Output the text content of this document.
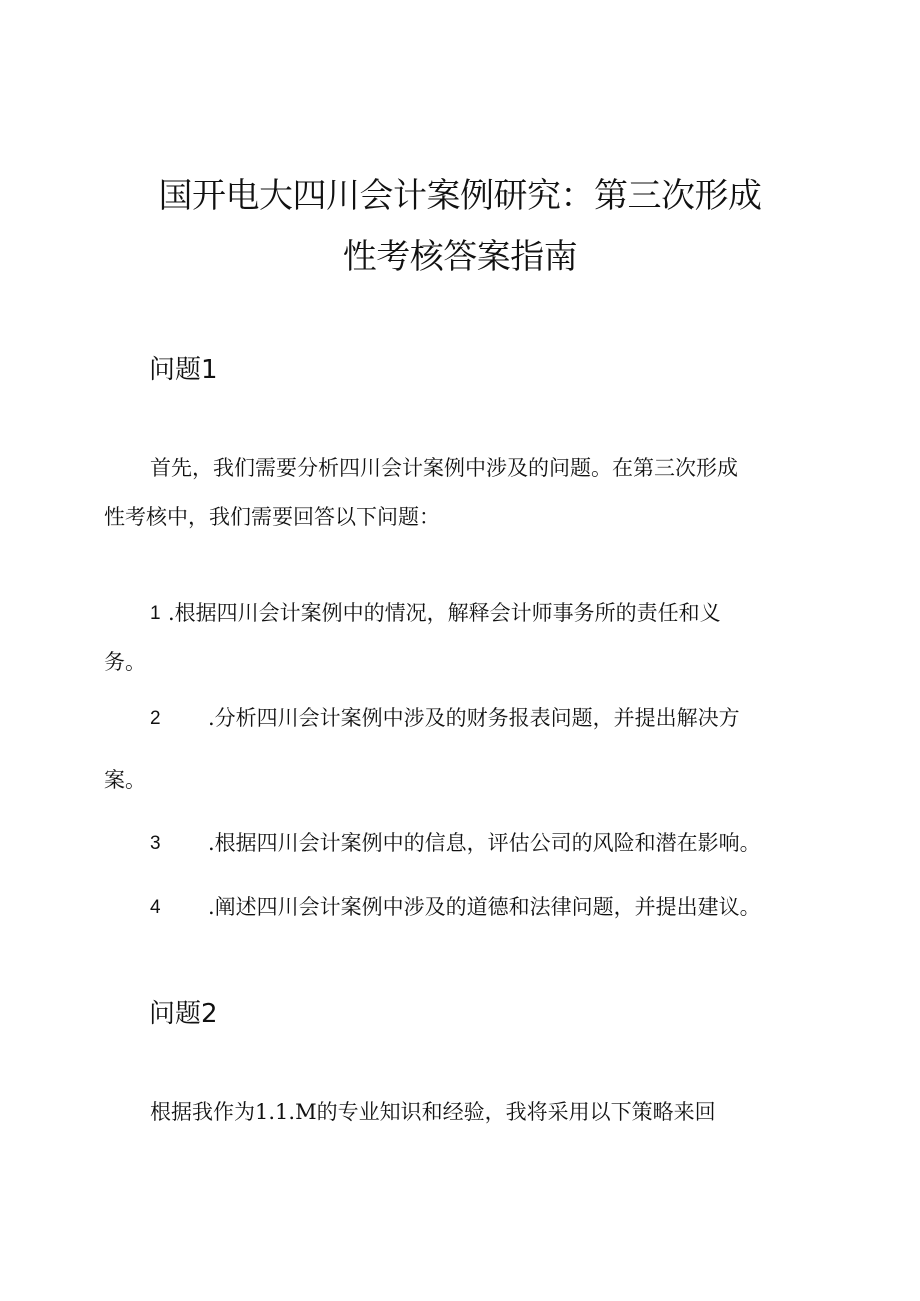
国开电大四川会计案例研究：第三次形成
性考核答案指南
问题1
首先，我们需要分析四川会计案例中涉及的问题。在第三次形成
性考核中，我们需要回答以下问题：
1 .根据四川会计案例中的情况，解释会计师事务所的责任和义
务。
2 .分析四川会计案例中涉及的财务报表问题，并提出解决方
案。
3 .根据四川会计案例中的信息，评估公司的风险和潜在影响。
4 .阐述四川会计案例中涉及的道德和法律问题，并提出建议。
问题2
根据我作为1.1.M的专业知识和经验，我将采用以下策略来回
